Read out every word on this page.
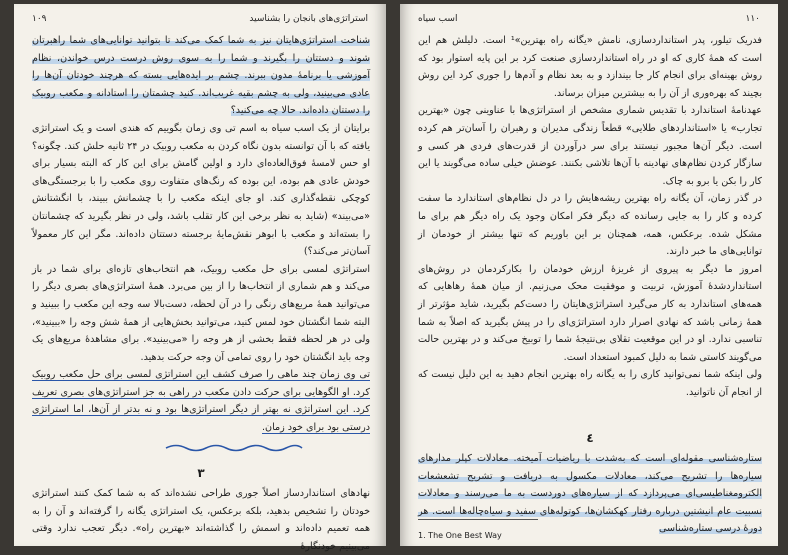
استراتژی‌های بانجان را بشناسید
١٠٩

شناخت استراتژی‌هایتان نیز به شما کمک می‌کند تا بتوانید توانایی‌های شما راهبرتان شوند و دستتان را بگیرند و شما را به سوی روش درست درس خواندن، نظام آموزشی یا برنامهٔ مدون ببرند. چشم بر ایده‌هایی بسته که هرچند خودتان آن‌ها را عادی می‌بینید، ولی به چشم بقیه غریب‌اند. کنید چشمتان را استادانه و مکعب روبیک را دستتان داده‌اند. حالا چه می‌کنید؟

برایتان از یک اسب سیاه به اسم تی وی زمان بگوییم که هندی است و یک استراتژی یافته که با آن توانسته بدون نگاه کردن به مکعب روبیک در ۲۴ ثانیه حلش کند. چگونه؟ او حس لامسهٔ فوق‌العاده‌ای دارد و اولین گامش برای این کار که البته بسیار برای خودش عادی هم بوده، این بوده که رنگ‌های متفاوت روی مکعب را با برجستگی‌های کوچکی نقطه‌گذاری کند. او جای اینکه مکعب را با چشمانش ببیند، با انگشتانش «می‌بیند» (شاید به نظر برخی این کار تقلب باشد، ولی در نظر بگیرید که چشمانتان را بسته‌اند و مکعب با ابوهر نقش‌مایهٔ برجسته دستتان داده‌اند. مگر این کار معمولاً آسان‌تر می‌کند؟)

استراتژی لمسی برای حل مکعب روبیک، هم انتخاب‌های تازه‌ای برای شما در باز می‌کند و هم شماری از انتخاب‌ها را از بین می‌برد. همهٔ استراتژی‌های بصری دیگر را می‌توانید همهٔ مربع‌های رنگی را در آن لحظه، دست‌بالا سه وجه این مکعب را ببینید و البته شما انگشتان خود لمس کنید، می‌توانید بخش‌هایی از همهٔ شش وجه را «ببینید»، ولی در هر لحظه فقط بخشی از هر وجه را «می‌بینید». برای مشاهدهٔ مربع‌های یک وجه باید انگشتان خود را روی تمامی آن وجه حرکت بدهید.

تی وی زمان چند ماهی را صرف کشف این استراتژی لمسی برای حل مکعب روبیک کرد. او الگوهایی برای حرکت دادن مکعب در راهی به جز استراتژی‌های بصری تعریف کرد. این استراتژی نه بهتر از دیگر استراتژی‌ها بود و نه بدتر از آن‌ها، اما استراتژی درستی بود برای خود زمان.

٣

نهادهای استانداردساز اصلاً جوری طراحی نشده‌اند که به شما کمک کنند استراتژی خودتان را تشخیص بدهید، بلکه برعکس، یک استراتژی یگانه را گرفته‌اند و آن را به همه تعمیم داده‌اند و اسمش را گذاشته‌اند «بهترین راه». دیگر تعجب ندارد وقتی می‌بینیم خودنگارهٔ

١١٠
اسب سیاه

فدریک تیلور، پدر استانداردسازی، نامش «یگانه راه بهترین»¹ است. دلیلش هم این است که همهٔ کاری که او در راه استانداردسازی صنعت کرد بر این پایه استوار بود که روش بهینه‌ای برای انجام کار جا بیندازد و به بعد نظام و آدم‌ها را جوری کرد این روش بچیند که بهره‌وری از آن را به بیشترین میزان برساند.

عهدنامهٔ استاندارد با تقدیس شماری مشخص از استراتژی‌ها با عناوینی چون «بهترین تجارب» یا «استانداردهای طلایی» قطعاً زندگی مدیران و رهبران را آسان‌تر هم کرده است. دیگر آن‌ها مجبور نیستند برای سر درآوردن از قدرت‌های فردی هر کسی و سازگار کردن نظام‌های نهادینه با آن‌ها تلاشی بکنند. عوضش خیلی ساده می‌گویند یا این کار را بکن یا برو به چاک.

در گذر زمان، آن یگانه راه بهترین ریشه‌هایش را در دل نظام‌های استاندارد ما سفت کرده و کار را به جایی رسانده که دیگر فکر امکان وجود یک راه دیگر هم برای ما مشکل شده. برعکس، همه، همچنان بر این باوریم که تنها بیشتر از خودمان از توانایی‌های ما خبر دارند.

امروز ما دیگر به پیروی از غریزهٔ ارزش خودمان را بکارکردمان در روش‌های استانداردشدهٔ آموزش، تربیت و موفقیت محک می‌زنیم. از میان همهٔ رهاهایی که همه‌های استاندارد به کار می‌گیرد استراتژی‌هایتان را دست‌کم بگیرید، شاید مؤثرتر از همهٔ زمانی باشد که نهادی اصرار دارد استراتژی‌ای را در پیش بگیرید که اصلاً به شما تناسبی ندارد. او در این موقعیت تقلای بی‌نتیجهٔ شما را توبیخ می‌کند و در بهترین حالت می‌گویند کاستی شما به دلیل کمبود استعداد است.

ولی اینکه شما نمی‌توانید کاری را به یگانه راه بهترین انجام دهید به این دلیل نیست که از انجام آن ناتوانید.

٤

ستاره‌شناسی مقوله‌ای است که به‌شدت با ریاضیات آمیخته. معادلات کپلر مدارهای سیاره‌ها را تشریح می‌کند، معادلات مکسول به دریافت و تشریح تشعشعات الکترومغناطیسی‌ای می‌پردازد که از سیاره‌های دوردست به ما می‌رسند و معادلات نسبیت عام انیشتین درباره رفتار کهکشان‌ها، کوتوله‌های سفید و سیاه‌چاله‌ها است. هر دورهٔ درسی ستاره‌شناسی

1. The One Best Way
